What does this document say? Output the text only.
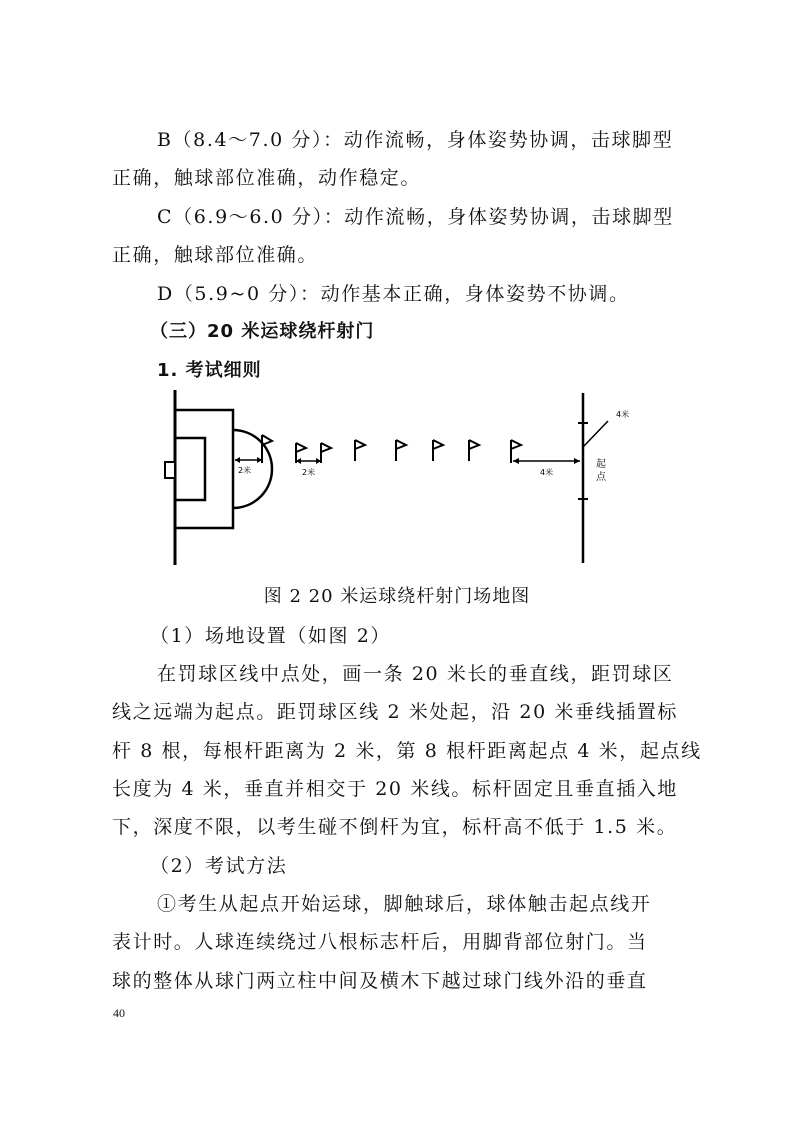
B（8.4～7.0 分）：动作流畅，身体姿势协调，击球脚型
正确，触球部位准确，动作稳定。
C（6.9～6.0 分）：动作流畅，身体姿势协调，击球脚型
正确，触球部位准确。
D（5.9~0 分）：动作基本正确，身体姿势不协调。
（三）20 米运球绕杆射门
1. 考试细则
2米	2米	4米
4米
起
点
图 2 20 米运球绕杆射门场地图
（1）场地设置（如图 2）
在罚球区线中点处，画一条 20 米长的垂直线，距罚球区
线之远端为起点。距罚球区线 2 米处起，沿 20 米垂线插置标
杆 8 根，每根杆距离为 2 米，第 8 根杆距离起点 4 米，起点线
长度为 4 米，垂直并相交于 20 米线。标杆固定且垂直插入地
下，深度不限，以考生碰不倒杆为宜，标杆高不低于 1.5 米。
（2）考试方法
①考生从起点开始运球，脚触球后，球体触击起点线开
表计时。人球连续绕过八根标志杆后，用脚背部位射门。当
球的整体从球门两立柱中间及横木下越过球门线外沿的垂直
40
